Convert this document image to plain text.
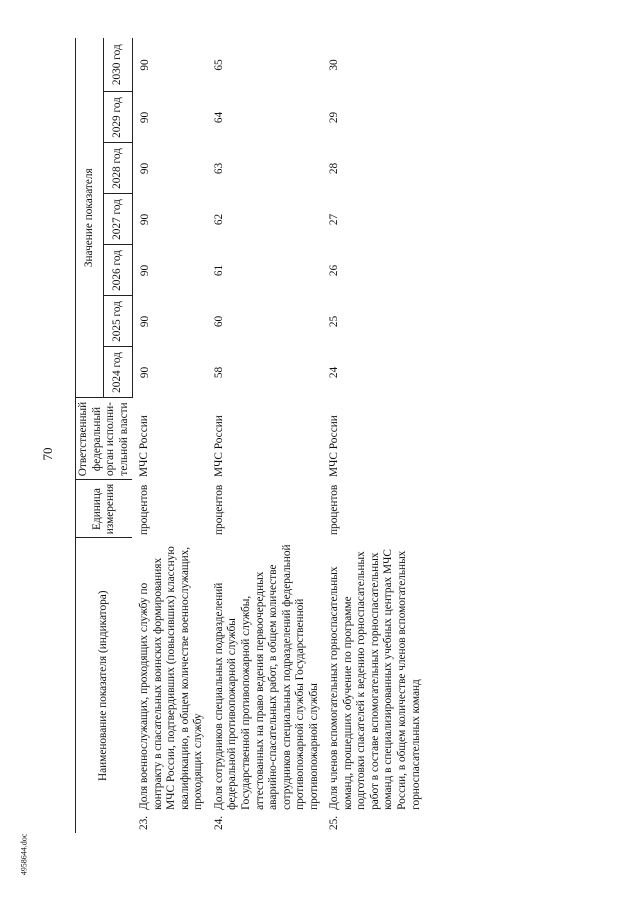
70
Наименование показателя (индикатора)	Единица измерения	Ответственный федеральный орган исполни-тельной власти	Значение показателя						
			2024 год	2025 год	2026 год	2027 год	2028 год	2029 год	2030 год

23.
Доля военнослужащих, проходящих службу по контракту в спасательных воинских формированиях МЧС России, подтвердивших (повысивших) классную квалификацию, в общем количестве военнослужащих, проходящих службу	процентов	МЧС России	90	90	90	90	90	90	90

24.
Доля сотрудников специальных подразделений федеральной противопожарной службы Государственной противопожарной службы, аттестованных на право ведения первоочередных аварийно-спасательных работ, в общем количестве сотрудников специальных подразделений федеральной противопожарной службы Государственной противопожарной службы	процентов	МЧС России	58	60	61	62	63	64	65

25.
Доля членов вспомогательных горноспасательных команд, прошедших обучение по программе подготовки спасателей к ведению горноспасательных работ в составе вспомогательных горноспасательных команд в специализированных учебных центрах МЧС России, в общем количестве членов вспомогательных горноспасательных команд	процентов	МЧС России	24	25	26	27	28	29	30
4958644.doc
